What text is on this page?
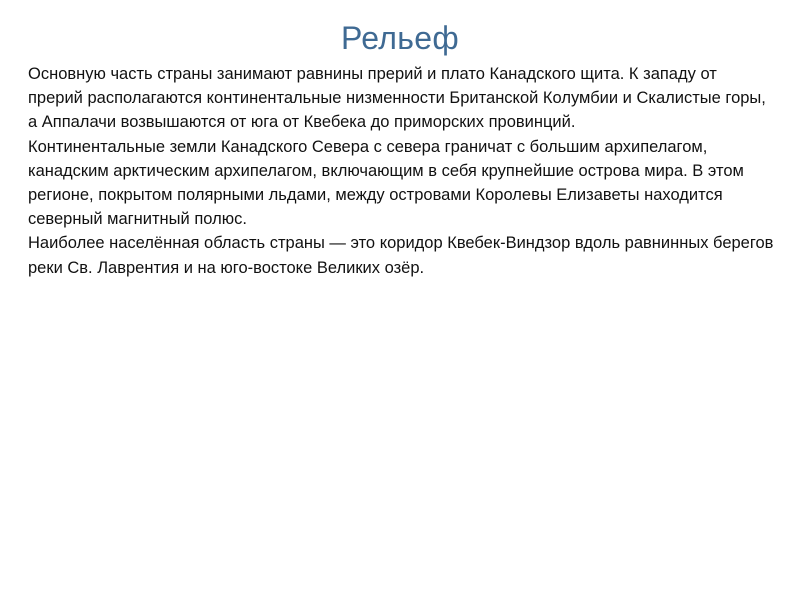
Рельеф

Основную часть страны занимают равнины прерий и плато Канадского щита. К западу от прерий располагаются континентальные низменности Британской Колумбии и Скалистые горы, а Аппалачи возвышаются от юга от Квебека до приморских провинций.

Континентальные земли Канадского Севера с севера граничат с большим архипелагом, канадским арктическим архипелагом, включающим в себя крупнейшие острова мира. В этом регионе, покрытом полярными льдами, между островами Королевы Елизаветы находится северный магнитный полюс.

Наиболее населённая область страны — это коридор Квебек-Виндзор вдоль равнинных берегов реки Св. Лаврентия и на юго-востоке Великих озёр.
